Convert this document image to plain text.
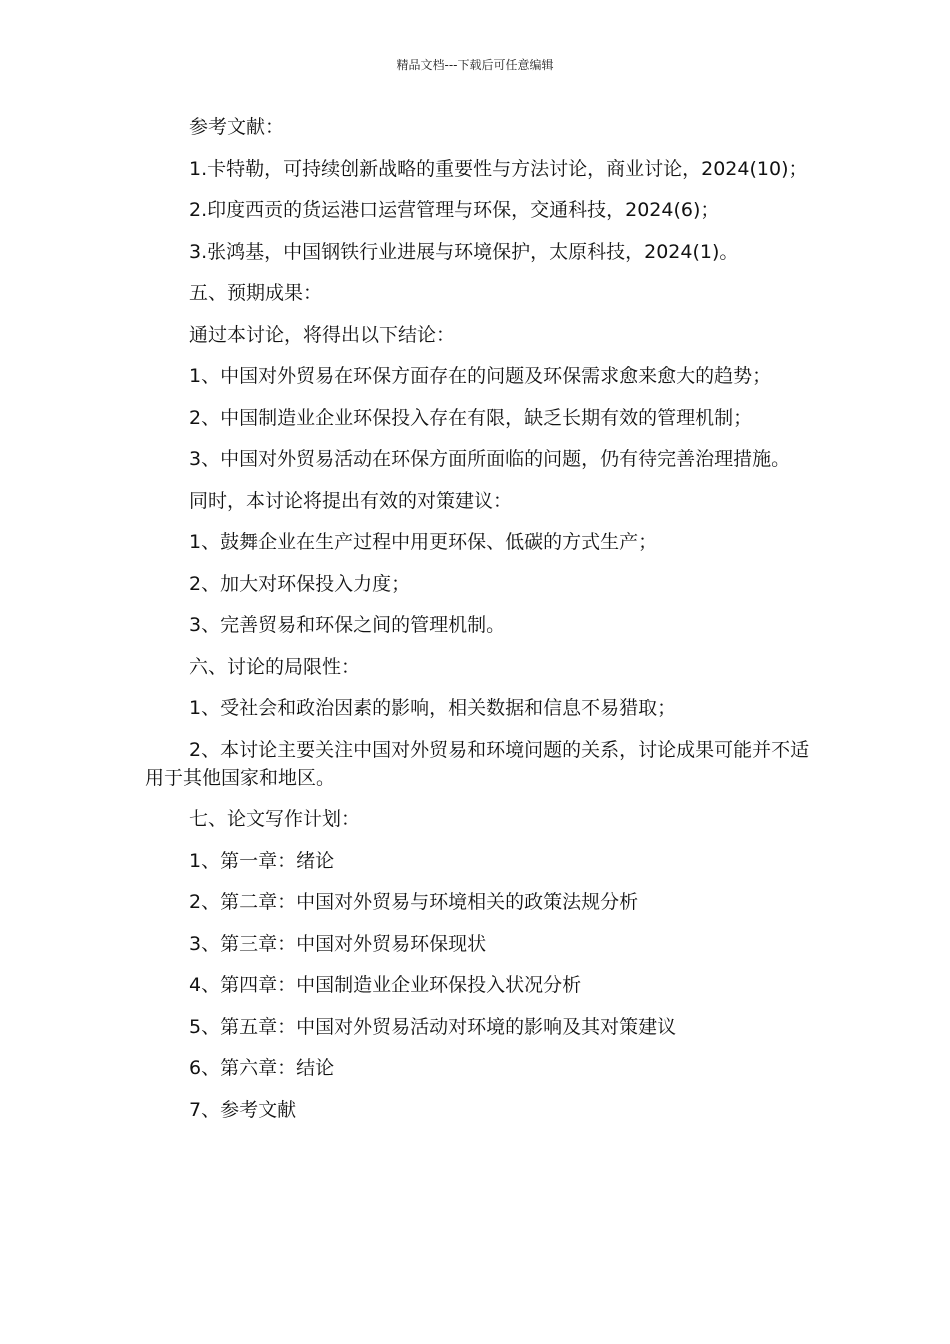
精品文档---下载后可任意编辑

参考文献：

1.卡特勒，可持续创新战略的重要性与方法讨论，商业讨论，2024(10)；

2.印度西贡的货运港口运营管理与环保，交通科技，2024(6)；

3.张鸿基，中国钢铁行业进展与环境保护，太原科技，2024(1)。

五、预期成果：

通过本讨论，将得出以下结论：

1、中国对外贸易在环保方面存在的问题及环保需求愈来愈大的趋势；

2、中国制造业企业环保投入存在有限，缺乏长期有效的管理机制；

3、中国对外贸易活动在环保方面所面临的问题，仍有待完善治理措施。

同时，本讨论将提出有效的对策建议：

1、鼓舞企业在生产过程中用更环保、低碳的方式生产；

2、加大对环保投入力度；

3、完善贸易和环保之间的管理机制。

六、讨论的局限性：

1、受社会和政治因素的影响，相关数据和信息不易猎取；

2、本讨论主要关注中国对外贸易和环境问题的关系，讨论成果可能并不适用于其他国家和地区。

七、论文写作计划：

1、第一章：绪论

2、第二章：中国对外贸易与环境相关的政策法规分析

3、第三章：中国对外贸易环保现状

4、第四章：中国制造业企业环保投入状况分析

5、第五章：中国对外贸易活动对环境的影响及其对策建议

6、第六章：结论

7、参考文献
